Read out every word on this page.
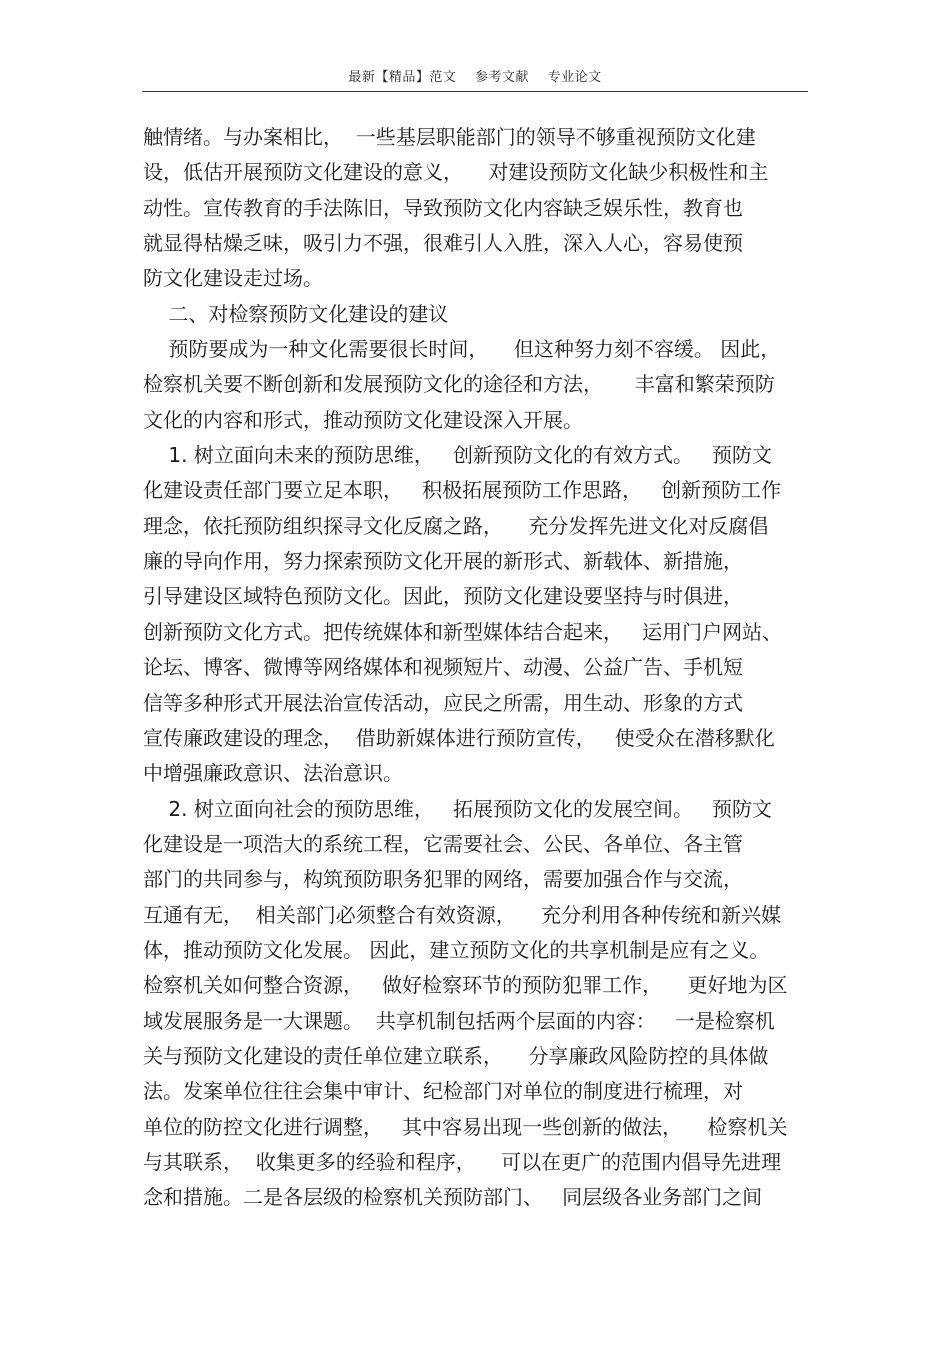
最新【精品】范文 参考文献 专业论文
触情绪。与办案相比，  一些基层职能部门的领导不够重视预防文化建
设，低估开展预防文化建设的意义，    对建设预防文化缺少积极性和主
动性。宣传教育的手法陈旧，导致预防文化内容缺乏娱乐性，教育也
就显得枯燥乏味，吸引力不强，很难引人入胜，深入人心，容易使预
防文化建设走过场。
二、对检察预防文化建设的建议
预防要成为一种文化需要很长时间，    但这种努力刻不容缓。 因此，
检察机关要不断创新和发展预防文化的途径和方法，     丰富和繁荣预防
文化的内容和形式，推动预防文化建设深入开展。
1. 树立面向未来的预防思维，   创新预防文化的有效方式。   预防文
化建设责任部门要立足本职，   积极拓展预防工作思路，   创新预防工作
理念，依托预防组织探寻文化反腐之路，    充分发挥先进文化对反腐倡
廉的导向作用，努力探索预防文化开展的新形式、新载体、新措施，
引导建设区域特色预防文化。因此，预防文化建设要坚持与时俱进，
创新预防文化方式。把传统媒体和新型媒体结合起来，   运用门户网站、
论坛、博客、微博等网络媒体和视频短片、动漫、公益广告、手机短
信等多种形式开展法治宣传活动，应民之所需，用生动、形象的方式
宣传廉政建设的理念，  借助新媒体进行预防宣传，   使受众在潜移默化
中增强廉政意识、法治意识。
2. 树立面向社会的预防思维，   拓展预防文化的发展空间。   预防文
化建设是一项浩大的系统工程，它需要社会、公民、各单位、各主管
部门的共同参与，构筑预防职务犯罪的网络，需要加强合作与交流，
互通有无，  相关部门必须整合有效资源，    充分利用各种传统和新兴媒
体，推动预防文化发展。 因此，建立预防文化的共享机制是应有之义。
检察机关如何整合资源，   做好检察环节的预防犯罪工作，    更好地为区
域发展服务是一大课题。  共享机制包括两个层面的内容：   一是检察机
关与预防文化建设的责任单位建立联系，    分享廉政风险防控的具体做
法。发案单位往往会集中审计、纪检部门对单位的制度进行梳理，对
单位的防控文化进行调整，   其中容易出现一些创新的做法，    检察机关
与其联系，  收集更多的经验和程序，    可以在更广的范围内倡导先进理
念和措施。二是各层级的检察机关预防部门、   同层级各业务部门之间
